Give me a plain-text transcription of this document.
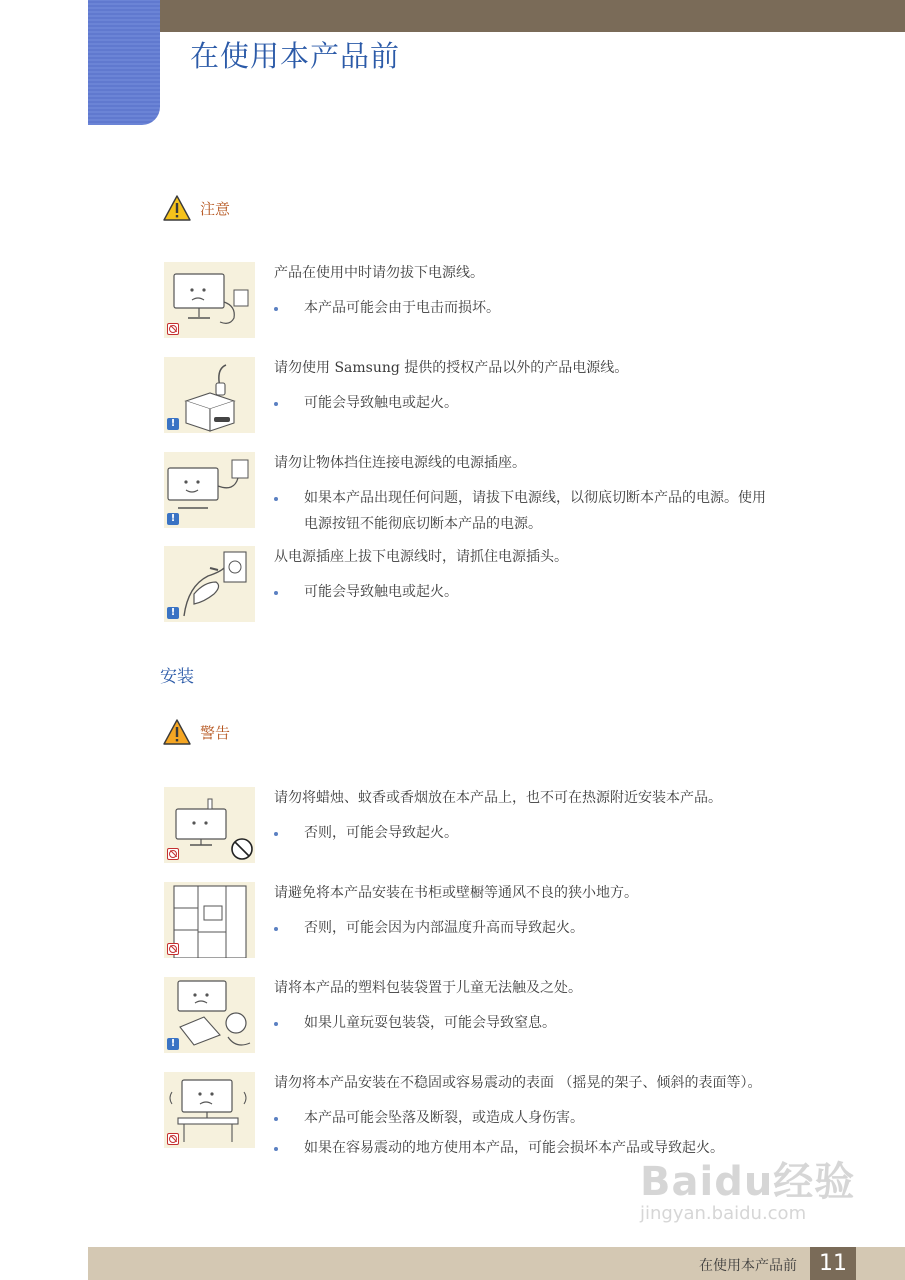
在使用本产品前
注意

产品在使用中时请勿拔下电源线。

本产品可能会由于电击而损坏。
!

请勿使用 Samsung 提供的授权产品以外的产品电源线。

可能会导致触电或起火。
!

请勿让物体挡住连接电源线的电源插座。

如果本产品出现任何问题，请拔下电源线，以彻底切断本产品的电源。使用电源按钮不能彻底切断本产品的电源。
!

从电源插座上拔下电源线时，请抓住电源插头。

可能会导致触电或起火。
安装
警告

请勿将蜡烛、蚊香或香烟放在本产品上，也不可在热源附近安装本产品。

否则，可能会导致起火。

请避免将本产品安装在书柜或壁橱等通风不良的狭小地方。

否则，可能会因为内部温度升高而导致起火。
!

请将本产品的塑料包装袋置于儿童无法触及之处。

如果儿童玩耍包装袋，可能会导致窒息。

请勿将本产品安装在不稳固或容易震动的表面 （摇晃的架子、倾斜的表面等）。

本产品可能会坠落及断裂，或造成人身伤害。
如果在容易震动的地方使用本产品，可能会损坏本产品或导致起火。
Baidu经验
jingyan.baidu.com
在使用本产品前	11
